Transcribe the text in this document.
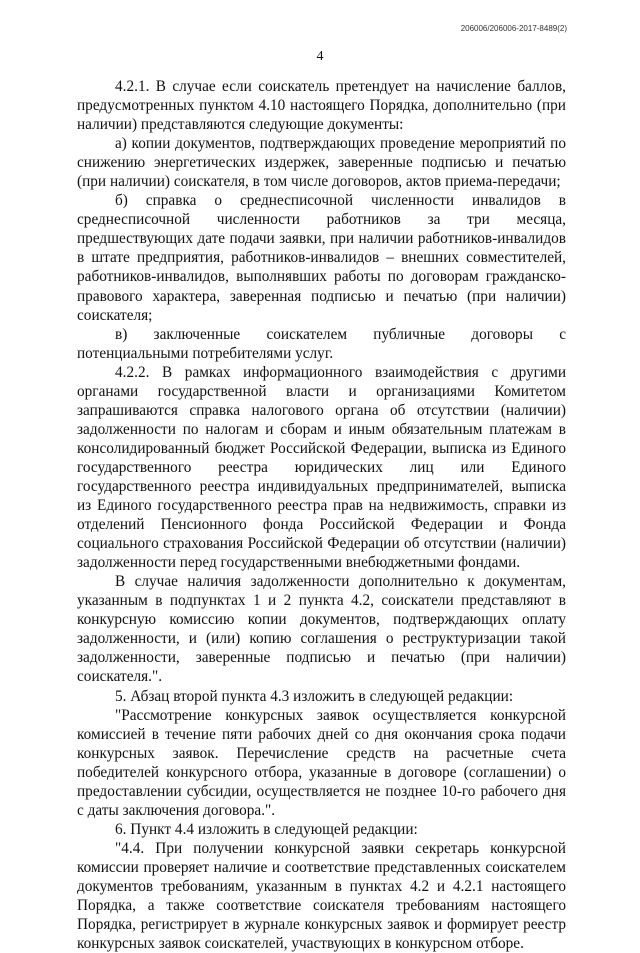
206006/206006-2017-8489(2)
4

4.2.1. В случае если соискатель претендует на начисление баллов, предусмотренных пунктом 4.10 настоящего Порядка, дополнительно (при наличии) представляются следующие документы:

а) копии документов, подтверждающих проведение мероприятий по снижению энергетических издержек, заверенные подписью и печатью (при наличии) соискателя, в том числе договоров, актов приема-передачи;

б) справка о среднесписочной численности инвалидов в среднесписочной численности работников за три месяца, предшествующих дате подачи заявки, при наличии работников-инвалидов в штате предприятия, работников-инвалидов – внешних совместителей, работников-инвалидов, выполнявших работы по договорам гражданско-правового характера, заверенная подписью и печатью (при наличии) соискателя;

в) заключенные соискателем публичные договоры с потенциальными потребителями услуг.

4.2.2. В рамках информационного взаимодействия с другими органами государственной власти и организациями Комитетом запрашиваются справка налогового органа об отсутствии (наличии) задолженности по налогам и сборам и иным обязательным платежам в консолидированный бюджет Российской Федерации, выписка из Единого государственного реестра юридических лиц или Единого государственного реестра индивидуальных предпринимателей, выписка из Единого государственного реестра прав на недвижимость, справки из отделений Пенсионного фонда Российской Федерации и Фонда социального страхования Российской Федерации об отсутствии (наличии) задолженности перед государственными внебюджетными фондами.

В случае наличия задолженности дополнительно к документам, указанным в подпунктах 1 и 2 пункта 4.2, соискатели представляют в конкурсную комиссию копии документов, подтверждающих оплату задолженности, и (или) копию соглашения о реструктуризации такой задолженности, заверенные подписью и печатью (при наличии) соискателя.".

5. Абзац второй пункта 4.3 изложить в следующей редакции:

"Рассмотрение конкурсных заявок осуществляется конкурсной комиссией в течение пяти рабочих дней со дня окончания срока подачи конкурсных заявок. Перечисление средств на расчетные счета победителей конкурсного отбора, указанные в договоре (соглашении) о предоставлении субсидии, осуществляется не позднее 10-го рабочего дня с даты заключения договора.".

6. Пункт 4.4 изложить в следующей редакции:

"4.4. При получении конкурсной заявки секретарь конкурсной комиссии проверяет наличие и соответствие представленных соискателем документов требованиям, указанным в пунктах 4.2 и 4.2.1 настоящего Порядка, а также соответствие соискателя требованиям настоящего Порядка, регистрирует в журнале конкурсных заявок и формирует реестр конкурсных заявок соискателей, участвующих в конкурсном отборе.
